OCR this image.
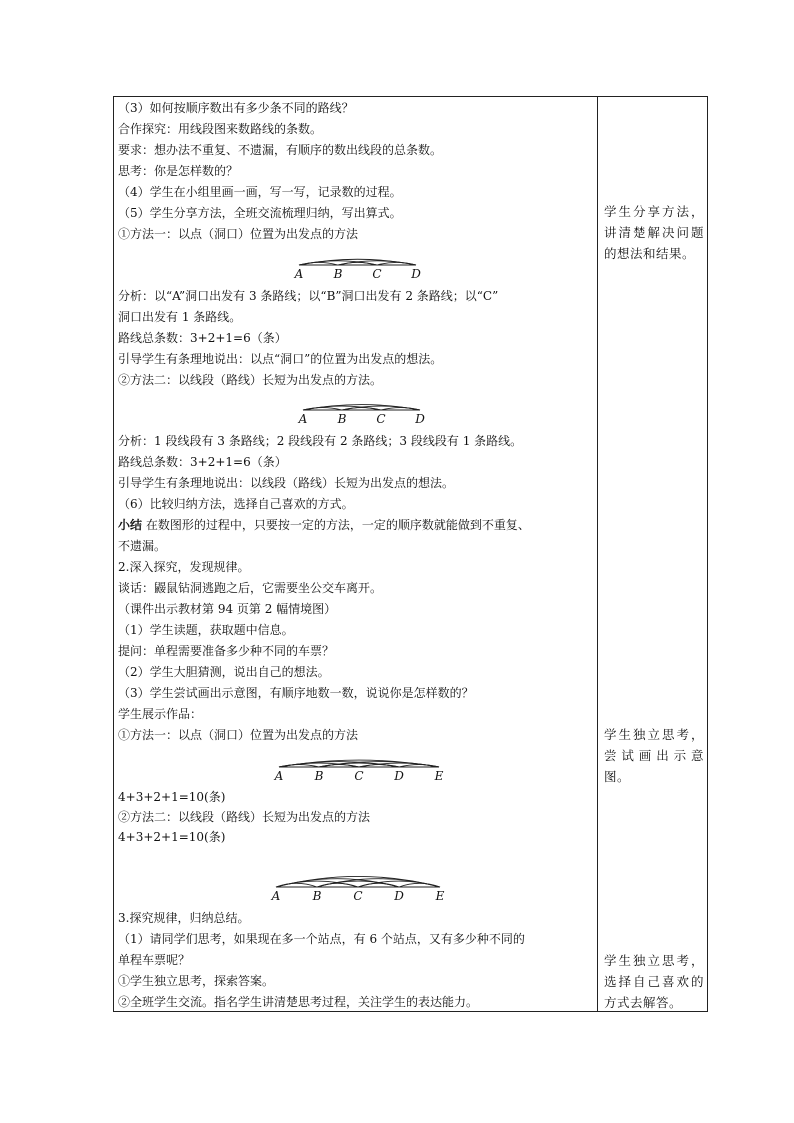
（3）如何按顺序数出有多少条不同的路线？
合作探究：用线段图来数路线的条数。
要求：想办法不重复、不遗漏，有顺序的数出线段的总条数。
思考：你是怎样数的？
（4）学生在小组里画一画，写一写，记录数的过程。
（5）学生分享方法，全班交流梳理归纳，写出算式。
①方法一：以点（洞口）位置为出发点的方法
A	B C D
分析：以“A”洞口出发有 3 条路线；以“B”洞口出发有 2 条路线；以“C”
洞口出发有 1 条路线。
路线总条数：3+2+1=6（条）
引导学生有条理地说出：以点“洞口”的位置为出发点的想法。
②方法二：以线段（路线）长短为出发点的方法。
A	B C D
分析：1 段线段有 3 条路线；2 段线段有 2 条路线；3 段线段有 1 条路线。
路线总条数：3+2+1=6（条）
引导学生有条理地说出：以线段（路线）长短为出发点的想法。
（6）比较归纳方法，选择自己喜欢的方式。
小结 在数图形的过程中，只要按一定的方法，一定的顺序数就能做到不重复、
不遗漏。
2.深入探究，发现规律。
谈话：鼹鼠钻洞逃跑之后，它需要坐公交车离开。
（课件出示教材第 94 页第 2 幅情境图）
（1）学生读题，获取题中信息。
提问：单程需要准备多少种不同的车票？
（2）学生大胆猜测，说出自己的想法。
（3）学生尝试画出示意图，有顺序地数一数，说说你是怎样数的？
学生展示作品：
①方法一：以点（洞口）位置为出发点的方法
A	B	C	D	E
4+3+2+1=10(条)
②方法二：以线段（路线）长短为出发点的方法
4+3+2+1=10(条)
A	B	C	D	E
3.探究规律，归纳总结。
（1）请同学们思考，如果现在多一个站点，有 6 个站点，又有多少种不同的
单程车票呢？
①学生独立思考，探索答案。
②全班学生交流。指名学生讲清楚思考过程，关注学生的表达能力。
学生分享方法，讲清楚解决问题的想法和结果。
学生独立思考，尝试画出示意图。
学生独立思考，选择自己喜欢的方式去解答。
